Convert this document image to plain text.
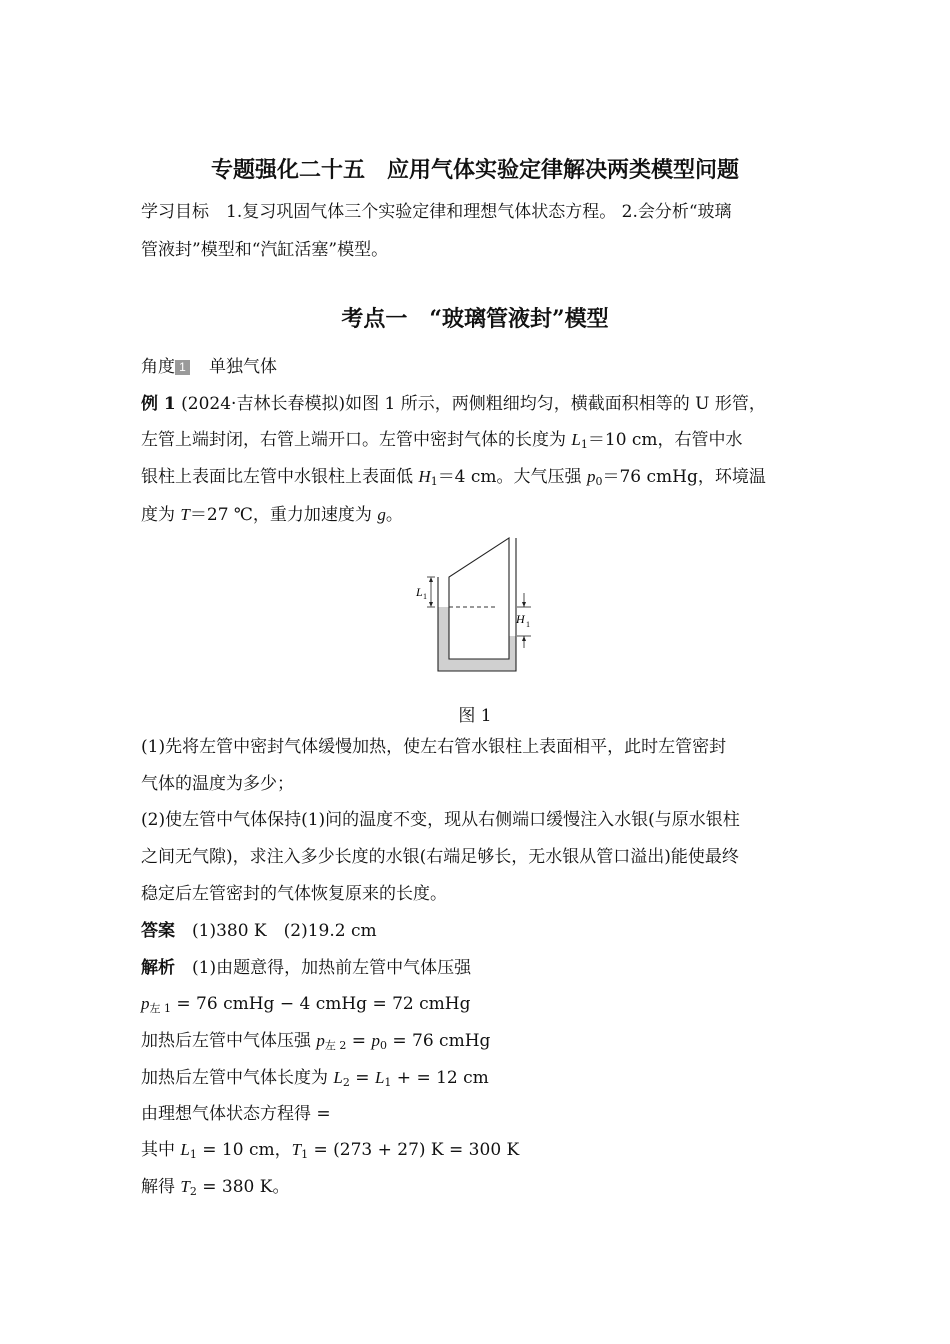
专题强化二十五　应用气体实验定律解决两类模型问题
学习目标　 1.复习巩固气体三个实验定律和理想气体状态方程。 2.会分析“玻璃
管液封”模型和“汽缸活塞”模型。
考点一　“玻璃管液封”模型
角度 1　 单独气体
例 1 (2024·吉林长春模拟)如图 1 所示，两侧粗细均匀，横截面积相等的 U 形管，
左管上端封闭，右管上端开口。左管中密封气体的长度为 $L_1=10$ cm，右管中水
银柱上表面比左管中水银柱上表面低 $H_1=4$ cm。大气压强 $p_0=76$ cmHg，环境温
度为 T＝27 ℃，重力加速度为 g。
L 1
H 1
图 1
(1)先将左管中密封气体缓慢加热，使左右管水银柱上表面相平，此时左管密封
气体的温度为多少；
(2)使左管中气体保持(1)问的温度不变，现从右侧端口缓慢注入水银(与原水银柱
之间无气隙)，求注入多少长度的水银(右端足够长，无水银从管口溢出)能使最终
稳定后左管密封的气体恢复原来的长度。
答案　 (1)380 K　(2)19.2 cm
解析　 (1)由题意得，加热前左管中气体压强
$p_{左 1} = 76$ cmHg − 4 cmHg = 72 cmHg
加热后左管中气体压强 $p_{左 2} = p_0 = 76$ cmHg
加热后左管中气体长度为 $L_2 = L_1$ + = 12 cm
由理想气体状态方程得 =
其中 $L_1 = 10$ cm，$T_1 = (273 + 27) K = 300$ K
解得 $T_2 = 380$ K。
